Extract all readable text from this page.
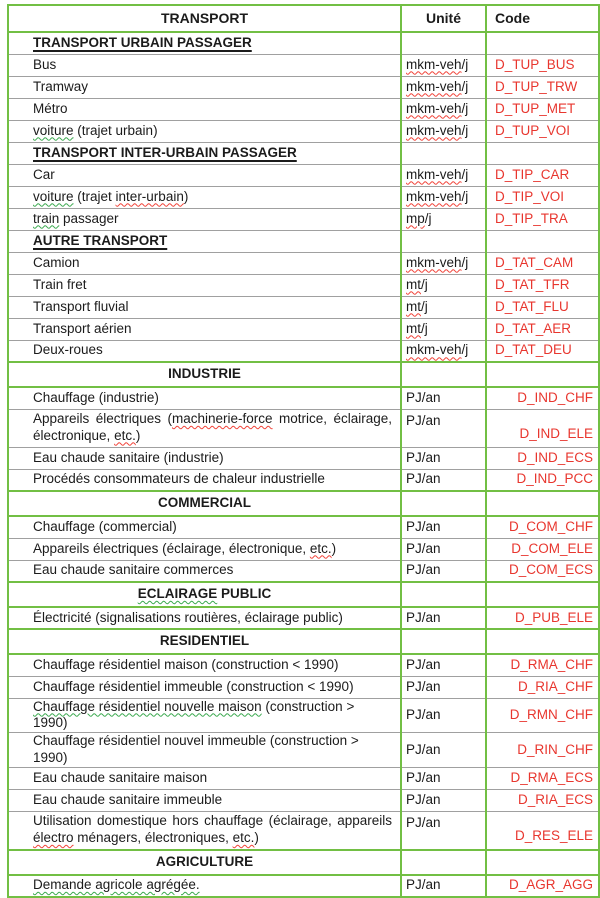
TRANSPORT	Unité	Code
TRANSPORT URBAIN PASSAGER		
Bus	mkm-veh/j	D_TUP_BUS
Tramway	mkm-veh/j	D_TUP_TRW
Métro	mkm-veh/j	D_TUP_MET
voiture (trajet urbain)	mkm-veh/j	D_TUP_VOI
TRANSPORT INTER-URBAIN PASSAGER		
Car	mkm-veh/j	D_TIP_CAR
voiture (trajet inter-urbain)	mkm-veh/j	D_TIP_VOI
train passager	mp/j	D_TIP_TRA
AUTRE TRANSPORT		
Camion	mkm-veh/j	D_TAT_CAM
Train fret	mt/j	D_TAT_TFR
Transport fluvial	mt/j	D_TAT_FLU
Transport aérien	mt/j	D_TAT_AER
Deux-roues	mkm-veh/j	D_TAT_DEU
INDUSTRIE		
Chauffage (industrie)	PJ/an	D_IND_CHF
Appareils électriques (machinerie-force motrice, éclairage, électronique, etc.)	PJ/an	D_IND_ELE
Eau chaude sanitaire (industrie)	PJ/an	D_IND_ECS
Procédés consommateurs de chaleur industrielle	PJ/an	D_IND_PCC
COMMERCIAL		
Chauffage (commercial)	PJ/an	D_COM_CHF
Appareils électriques (éclairage, électronique, etc.)	PJ/an	D_COM_ELE
Eau chaude sanitaire commerces	PJ/an	D_COM_ECS
ECLAIRAGE PUBLIC		
Électricité (signalisations routières, éclairage public)	PJ/an	D_PUB_ELE
RESIDENTIEL		
Chauffage résidentiel maison (construction < 1990)	PJ/an	D_RMA_CHF
Chauffage résidentiel immeuble (construction < 1990)	PJ/an	D_RIA_CHF
Chauffage résidentiel nouvelle maison (construction > 1990)	PJ/an	D_RMN_CHF
Chauffage résidentiel nouvel immeuble (construction > 1990)	PJ/an	D_RIN_CHF
Eau chaude sanitaire maison	PJ/an	D_RMA_ECS
Eau chaude sanitaire immeuble	PJ/an	D_RIA_ECS
Utilisation domestique hors chauffage (éclairage, appareils électro ménagers, électroniques, etc.)	PJ/an	D_RES_ELE
AGRICULTURE		
Demande agricole agrégée.	PJ/an	D_AGR_AGG
